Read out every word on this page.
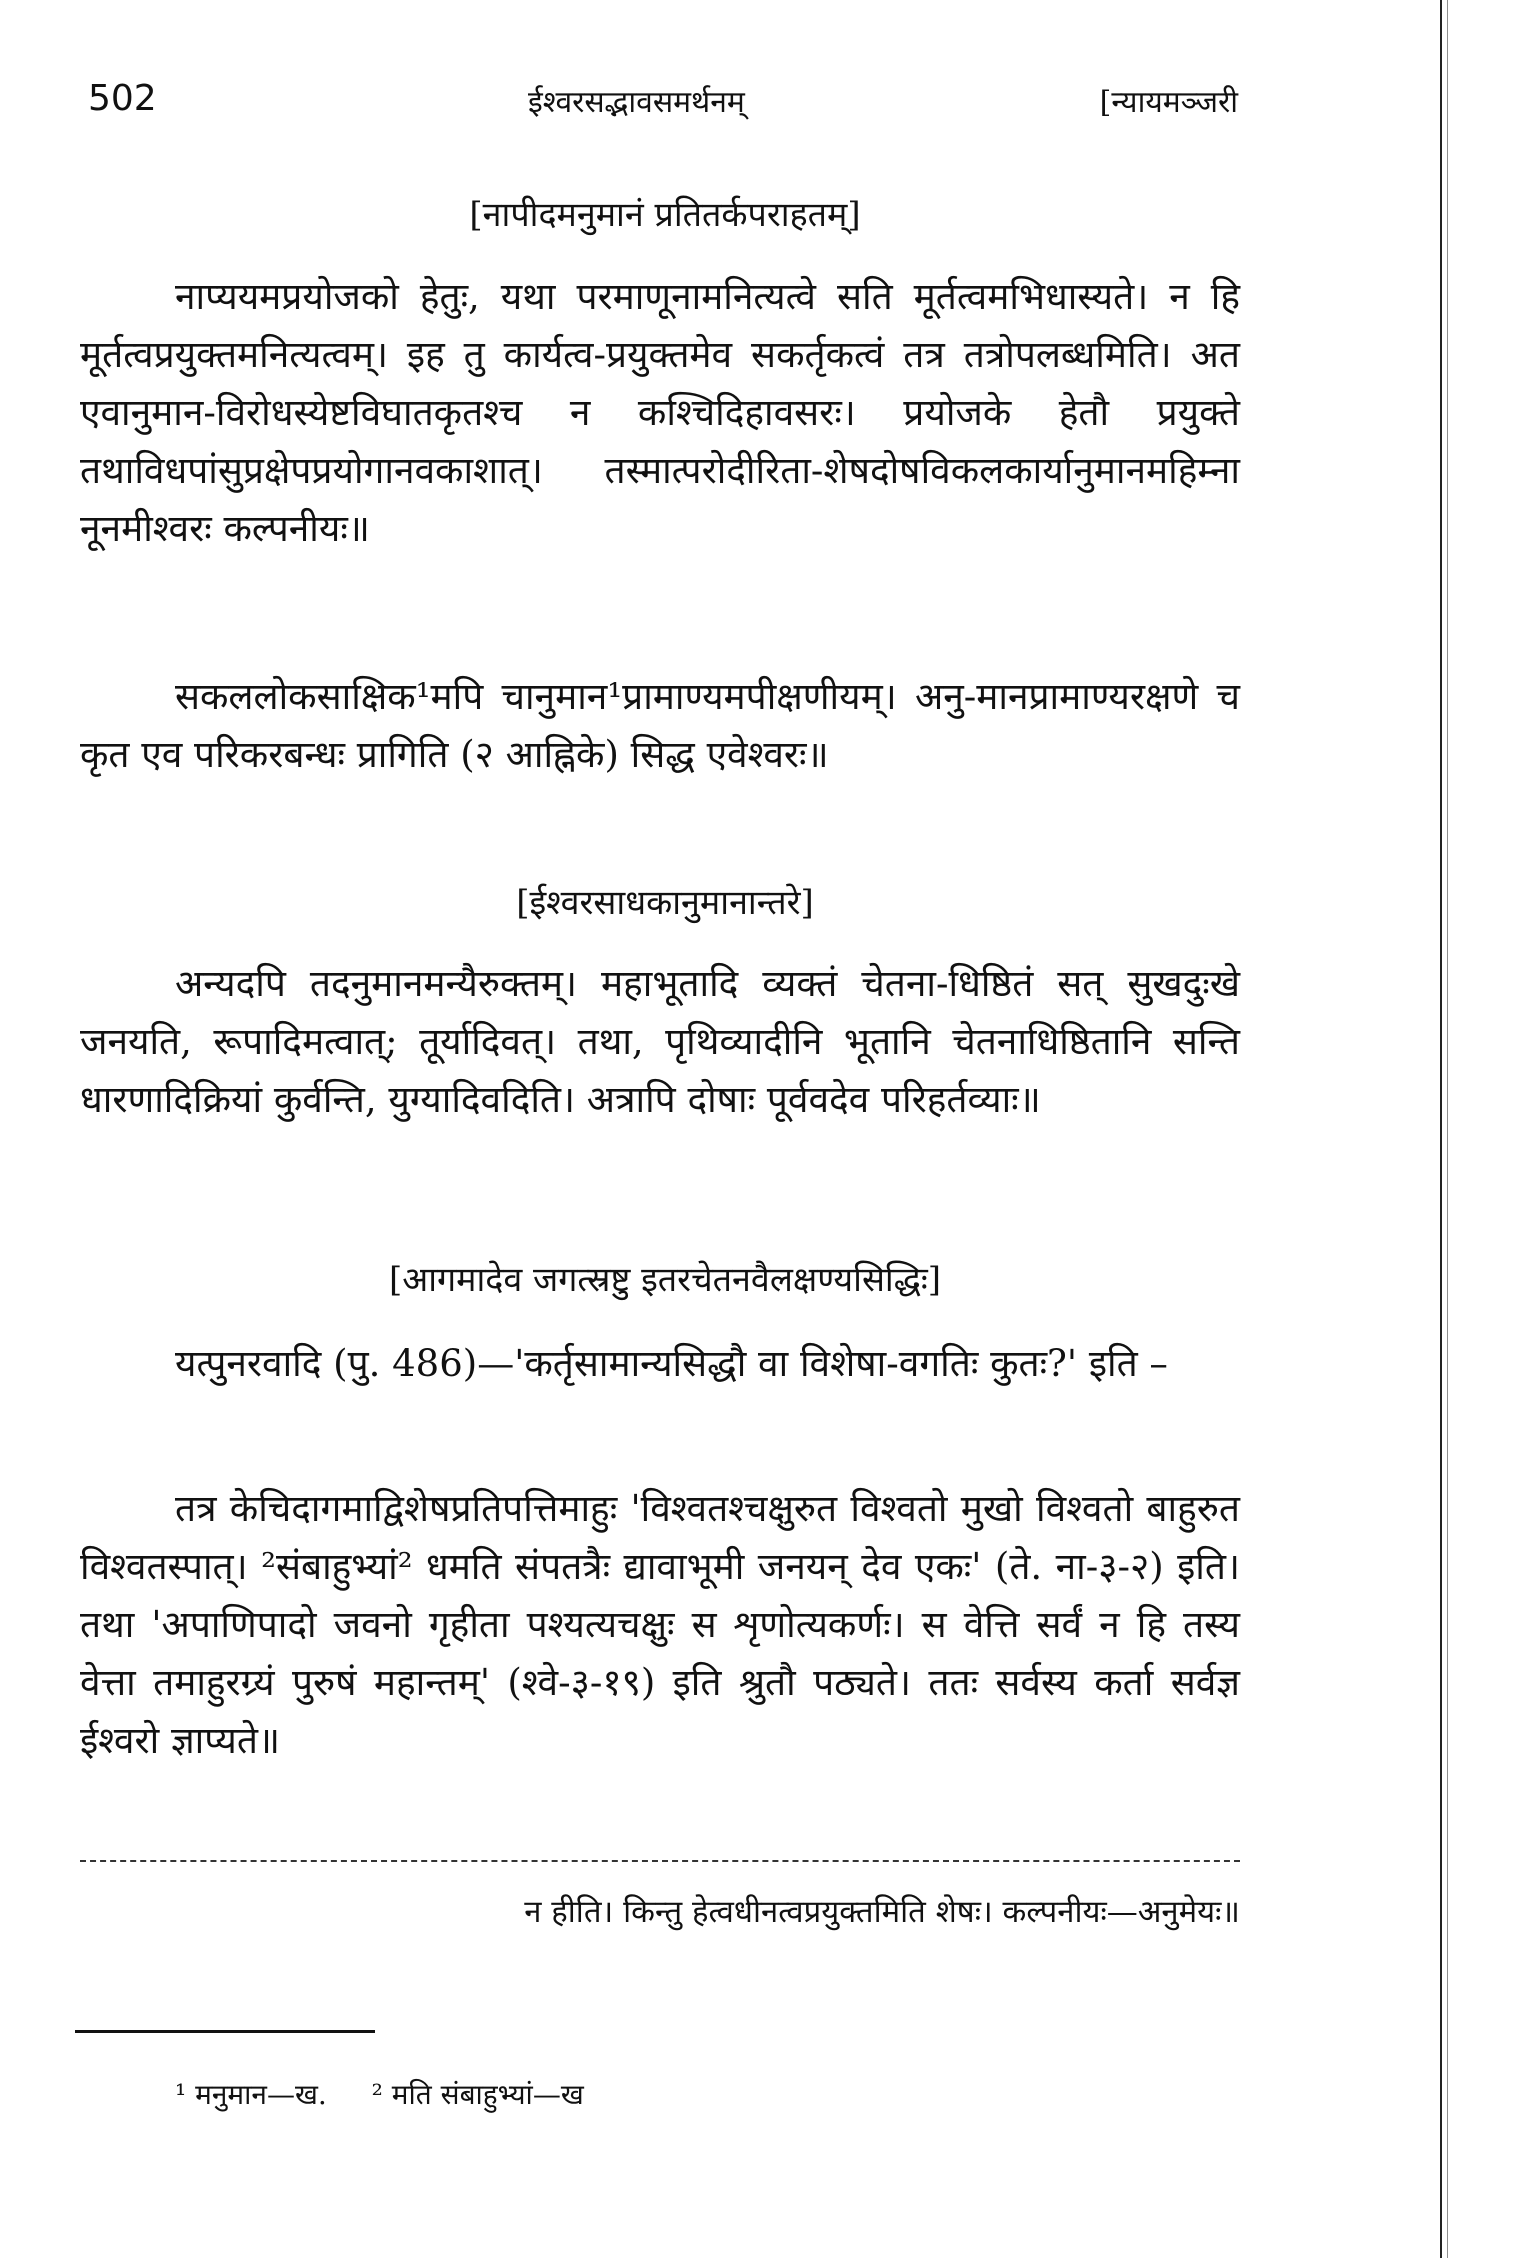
502	ईश्वरसद्भावसमर्थनम्	[न्यायमञ्जरी
[नापीदमनुमानं प्रतितर्कपराहतम्]
नाप्ययमप्रयोजको हेतुः, यथा परमाणूनामनित्यत्वे सति मूर्तत्वमभिधास्यते। न हि मूर्तत्वप्रयुक्तमनित्यत्वम्। इह तु कार्यत्व-प्रयुक्तमेव सकर्तृकत्वं तत्र तत्रोपलब्धमिति। अत एवानुमान-विरोधस्येष्टविघातकृतश्च न कश्चिदिहावसरः। प्रयोजके हेतौ प्रयुक्ते तथाविधपांसुप्रक्षेपप्रयोगानवकाशात्। तस्मात्परोदीरिता-शेषदोषविकलकार्यानुमानमहिम्ना नूनमीश्वरः कल्पनीयः॥
सकललोकसाक्षिक¹मपि चानुमान¹प्रामाण्यमपीक्षणीयम्। अनु-मानप्रामाण्यरक्षणे च कृत एव परिकरबन्धः प्रागिति (२ आह्निके) सिद्ध एवेश्वरः॥
[ईश्वरसाधकानुमानान्तरे]
अन्यदपि तदनुमानमन्यैरुक्तम्। महाभूतादि व्यक्तं चेतना-धिष्ठितं सत् सुखदुःखे जनयति, रूपादिमत्वात्; तूर्यादिवत्। तथा, पृथिव्यादीनि भूतानि चेतनाधिष्ठितानि सन्ति धारणादिक्रियां कुर्वन्ति, युग्यादिवदिति। अत्रापि दोषाः पूर्ववदेव परिहर्तव्याः॥
[आगमादेव जगत्स्रष्टु इतरचेतनवैलक्षण्यसिद्धिः]
यत्पुनरवादि (पु. 486)—'कर्तृसामान्यसिद्धौ वा विशेषा-वगतिः कुतः?' इति –
तत्र केचिदागमाद्विशेषप्रतिपत्तिमाहुः 'विश्वतश्चक्षुरुत विश्वतो मुखो विश्वतो बाहुरुत विश्वतस्पात्। ²संबाहुभ्यां² धमति संपतत्रैः द्यावाभूमी जनयन् देव एकः' (ते. ना-३-२) इति। तथा 'अपाणिपादो जवनो गृहीता पश्यत्यचक्षुः स शृणोत्यकर्णः। स वेत्ति सर्वं न हि तस्य वेत्ता तमाहुरग्र्यं पुरुषं महान्तम्' (श्वे-३-१९) इति श्रुतौ पठ्यते। ततः सर्वस्य कर्ता सर्वज्ञ ईश्वरो ज्ञाप्यते॥
न हीति। किन्तु हेत्वधीनत्वप्रयुक्तमिति शेषः। कल्पनीयः—अनुमेयः॥
¹ मनुमान—ख. ² मति संबाहुभ्यां—ख
